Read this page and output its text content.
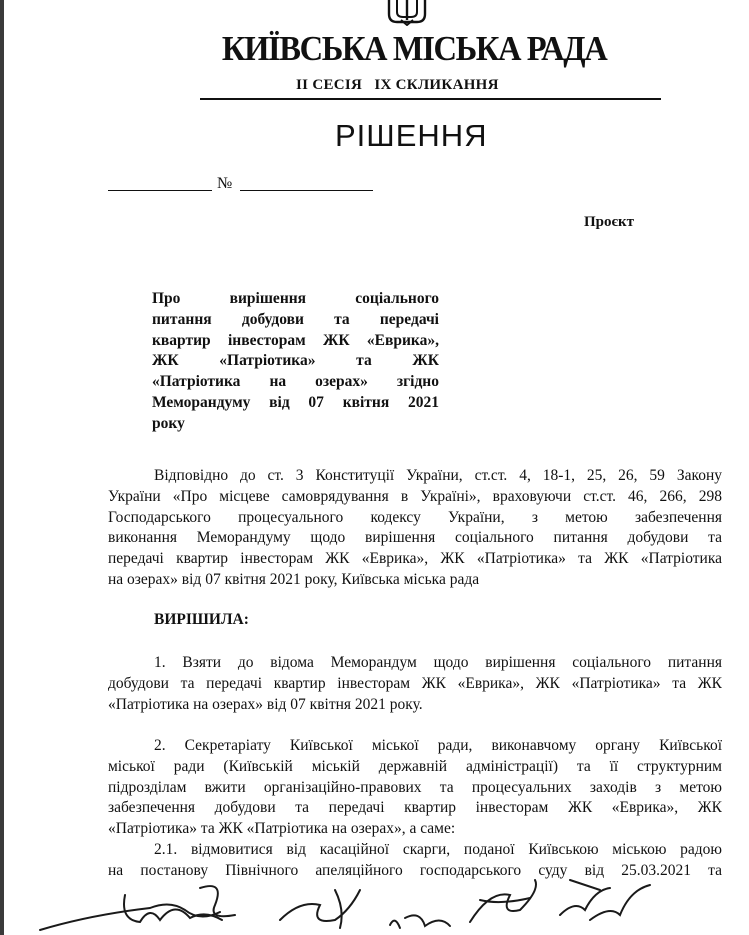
КИЇВСЬКА МІСЬКА РАДА
II СЕСІЯ   IX СКЛИКАННЯ
РІШЕННЯ
№
Проєкт
Про вирішення соціального
питання добудови та передачі
квартир інвесторам ЖК «Еврика»,
ЖК «Патріотика» та ЖК
«Патріотика на озерах» згідно
Меморандуму від 07 квітня 2021
року
Відповідно до ст. 3 Конституції України, ст.ст. 4, 18-1, 25, 26, 59 Закону
України «Про місцеве самоврядування в Україні», враховуючи ст.ст. 46, 266, 298
Господарського процесуального кодексу України, з метою забезпечення
виконання Меморандуму щодо вирішення соціального питання добудови та
передачі квартир інвесторам ЖК «Еврика», ЖК «Патріотика» та ЖК «Патріотика
на озерах» від 07 квітня 2021 року, Київська міська рада
ВИРІШИЛА:
1. Взяти до відома Меморандум щодо вирішення соціального питання
добудови та передачі квартир інвесторам ЖК «Еврика», ЖК «Патріотика» та ЖК
«Патріотика на озерах» від 07 квітня 2021 року.
2. Секретаріату Київської міської ради, виконавчому органу Київської
міської ради (Київській міській державній адміністрації) та її структурним
підрозділам вжити організаційно-правових та процесуальних заходів з метою
забезпечення добудови та передачі квартир інвесторам ЖК «Еврика», ЖК
«Патріотика» та ЖК «Патріотика на озерах», а саме:
2.1. відмовитися від касаційної скарги, поданої Київською міською радою
на постанову Північного апеляційного господарського суду від 25.03.2021 та
